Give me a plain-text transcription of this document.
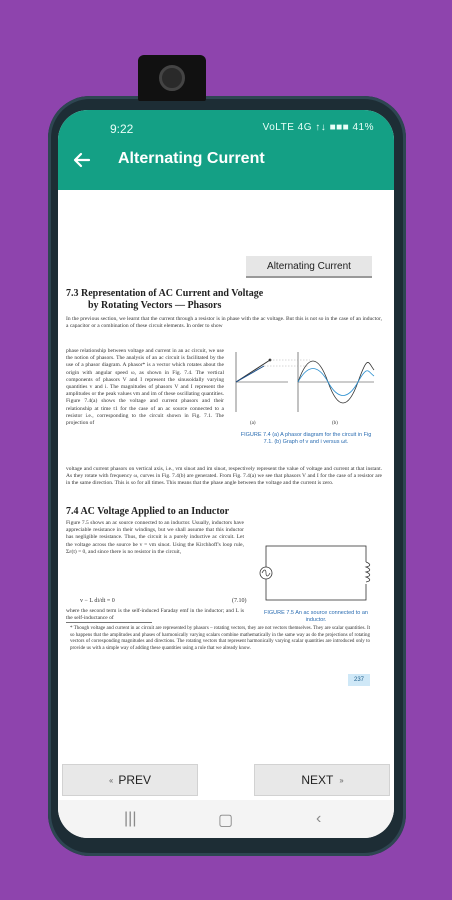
9:22	VoLTE 4G ↑↓ ■■■ 41%
Alternating Current
Alternating Current
7.3 Representation of AC Current and Voltage
by Rotating Vectors — Phasors

In the previous section, we learnt that the current through a resistor is in phase with the ac voltage. But this is not so in the case of an inductor, a capacitor or a combination of these circuit elements. In order to show

phase relationship between voltage and current in an ac circuit, we use the notion of phasors. The analysis of an ac circuit is facilitated by the use of a phasor diagram. A phasor* is a vector which rotates about the origin with angular speed ω, as shown in Fig. 7.4. The vertical components of phasors V and I represent the sinusoidally varying quantities v and i. The magnitudes of phasors V and I represent the amplitudes or the peak values vm and im of these oscillating quantities. Figure 7.4(a) shows the voltage and current phasors and their relationship at time t1 for the case of an ac source connected to a resistor i.e., corresponding to the circuit shown in Fig. 7.1. The projection of	(a)	(b)
FIGURE 7.4 (a) A phasor diagram for the circuit in Fig 7.1. (b) Graph of v and i versus ωt.

voltage and current phasors on vertical axis, i.e., vm sinωt and im sinωt, respectively represent the value of voltage and current at that instant. As they rotate with frequency ω, curves in Fig. 7.4(b) are generated. From Fig. 7.4(a) we see that phasors V and I for the case of a resistor are in the same direction. This is so for all times. This means that the phase angle between the voltage and the current is zero.

7.4 AC Voltage Applied to an Inductor

Figure 7.5 shows an ac source connected to an inductor. Usually, inductors have appreciable resistance in their windings, but we shall assume that this inductor has negligible resistance. Thus, the circuit is a purely inductive ac circuit. Let the voltage across the source be v = vm sinωt. Using the Kirchhoff's loop rule, Σε(t) = 0, and since there is no resistor in the circuit,

v − L di/dt = 0	(7.10)

where the second term is the self-induced Faraday emf in the inductor; and L is the self-inductance of

FIGURE 7.5 An ac source connected to an inductor.

* Though voltage and current in ac circuit are represented by phasors – rotating vectors, they are not vectors themselves. They are scalar quantities. It so happens that the amplitudes and phases of harmonically varying scalars combine mathematically in the same way as do the projections of rotating vectors of corresponding magnitudes and directions. The rotating vectors that represent harmonically varying scalar quantities are introduced only to provide us with a simple way of adding these quantities using a rule that we already know.

237
‹‹ PREV	NEXT ››
|||	▢	‹
